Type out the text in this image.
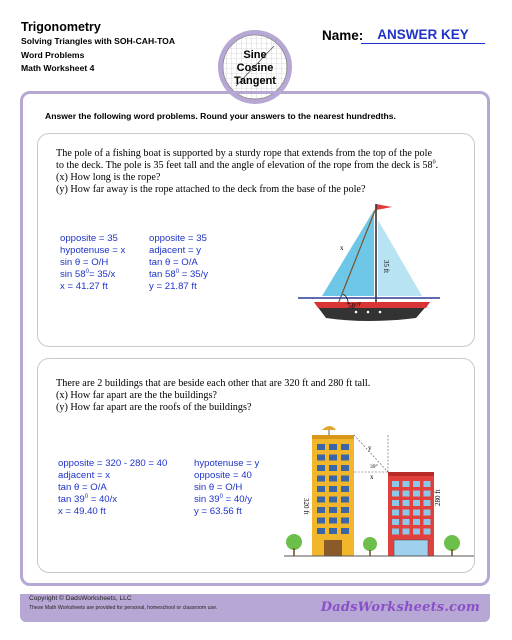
Trigonometry
Solving Triangles with SOH-CAH-TOA
Word Problems
Math Worksheet 4
Sine
Cosine
Tangent
Name:	ANSWER KEY
Answer the following word problems. Round your answers to the nearest hundredths.
The pole of a fishing boat is supported by a sturdy rope that extends from the top of the pole
to the deck. The pole is 35 feet tall and the angle of elevation of the rope from the deck is $58^0$.
(x) How long is the rope?
(y) How far away is the rope attached to the deck from the base of the pole?
opposite = 35
hypotenuse = x
sin θ = O/H
$\sin 58^0= 35/x$
x = 41.27 ft
opposite = 35
adjacent = y
tan θ = O/A
$\tan 58^0 = 35/y$
y = 21.87 ft
x
35 ft
58° y
There are 2 buildings that are beside each other that are 320 ft and 280 ft tall.
(x) How far apart are the the buildings?
(y) How far apart are the roofs of the buildings?
opposite = 320 - 280 = 40
adjacent = x
tan θ = O/A
$\tan 39^0 = 40/x$
x = 49.40 ft
hypotenuse = y
opposite = 40
sin θ = O/H
$\sin 39^0 = 40/y$
y = 63.56 ft
y
39°
x
320 ft
280 ft
Copyright © DadsWorksheets, LLC
These Math Worksheets are provided for personal, homeschool or classroom use.	DadsWorksheets.com
